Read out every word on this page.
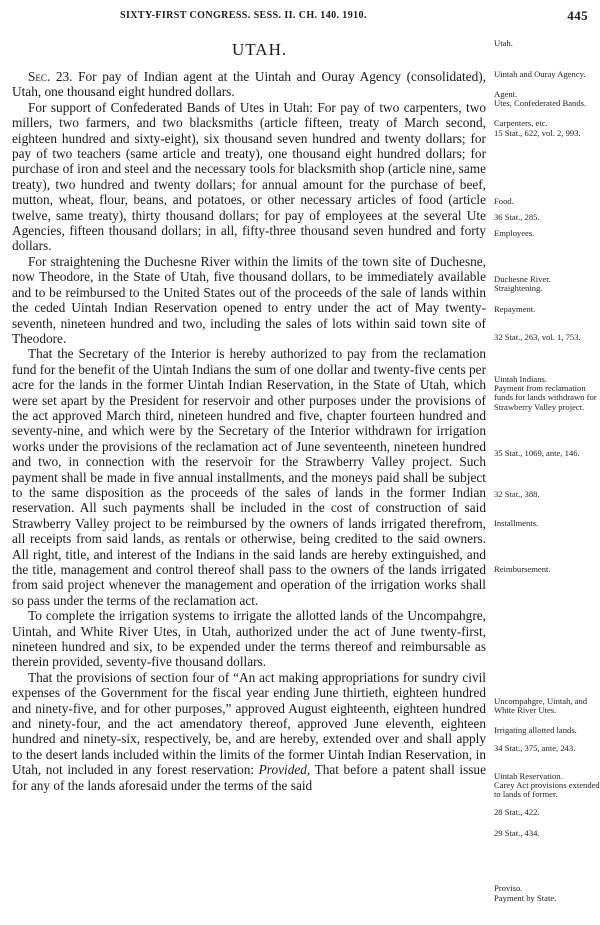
SIXTY-FIRST CONGRESS. SESS. II. CH. 140. 1910.	445
UTAH.

Sec. 23. For pay of Indian agent at the Uintah and Ouray Agency (consolidated), Utah, one thousand eight hundred dollars.

For support of Confederated Bands of Utes in Utah: For pay of two carpenters, two millers, two farmers, and two blacksmiths (article fifteen, treaty of March second, eighteen hundred and sixty-eight), six thousand seven hundred and twenty dollars; for pay of two teachers (same article and treaty), one thousand eight hundred dollars; for purchase of iron and steel and the necessary tools for blacksmith shop (article nine, same treaty), two hundred and twenty dollars; for annual amount for the purchase of beef, mutton, wheat, flour, beans, and potatoes, or other necessary articles of food (article twelve, same treaty), thirty thousand dollars; for pay of employees at the several Ute Agencies, fifteen thousand dollars; in all, fifty-three thousand seven hundred and forty dollars.

For straightening the Duchesne River within the limits of the town site of Duchesne, now Theodore, in the State of Utah, five thousand dollars, to be immediately available and to be reimbursed to the United States out of the proceeds of the sale of lands within the ceded Uintah Indian Reservation opened to entry under the act of May twenty-seventh, nineteen hundred and two, including the sales of lots within said town site of Theodore.

That the Secretary of the Interior is hereby authorized to pay from the reclamation fund for the benefit of the Uintah Indians the sum of one dollar and twenty-five cents per acre for the lands in the former Uintah Indian Reservation, in the State of Utah, which were set apart by the President for reservoir and other purposes under the provisions of the act approved March third, nineteen hundred and five, chapter fourteen hundred and seventy-nine, and which were by the Secretary of the Interior withdrawn for irrigation works under the provisions of the reclamation act of June seventeenth, nineteen hundred and two, in connection with the reservoir for the Strawberry Valley project. Such payment shall be made in five annual installments, and the moneys paid shall be subject to the same disposition as the proceeds of the sales of lands in the former Indian reservation. All such payments shall be included in the cost of construction of said Strawberry Valley project to be reimbursed by the owners of lands irrigated therefrom, all receipts from said lands, as rentals or otherwise, being credited to the said owners. All right, title, and interest of the Indians in the said lands are hereby extinguished, and the title, management and control thereof shall pass to the owners of the lands irrigated from said project whenever the management and operation of the irrigation works shall so pass under the terms of the reclamation act.

To complete the irrigation systems to irrigate the allotted lands of the Uncompahgre, Uintah, and White River Utes, in Utah, authorized under the act of June twenty-first, nineteen hundred and six, to be expended under the terms thereof and reimbursable as therein provided, seventy-five thousand dollars.

That the provisions of section four of “An act making appropriations for sundry civil expenses of the Government for the fiscal year ending June thirtieth, eighteen hundred and ninety-five, and for other purposes,” approved August eighteenth, eighteen hundred and ninety-four, and the act amendatory thereof, approved June eleventh, eighteen hundred and ninety-six, respectively, be, and are hereby, extended over and shall apply to the desert lands included within the limits of the former Uintah Indian Reservation, in Utah, not included in any forest reservation: Provided, That before a patent shall issue for any of the lands aforesaid under the terms of the said

Utah.
Uintah and Ouray Agency.
Agent.
Utes, Confederated Bands.
Carpenters, etc.
15 Stat., 622, vol. 2, 993.
Food.
36 Stat., 285.
Employees.
Duchesne River.
Straightening.
Repayment.
32 Stat., 263, vol. 1, 753.
Uintah Indians.
Payment from reclamation funds for lands withdrawn for Strawberry Valley project.
35 Stat., 1069, ante, 146.
32 Stat., 388.
Installments.
Reimbursement.
Uncompahgre, Uintah, and White River Utes.
Irrigating allotted lands.
34 Stat., 375, ante, 243.
Uintah Reservation.
Carey Act provisions extended to lands of former.
28 Stat., 422.
29 Stat., 434.
Proviso.
Payment by State.
